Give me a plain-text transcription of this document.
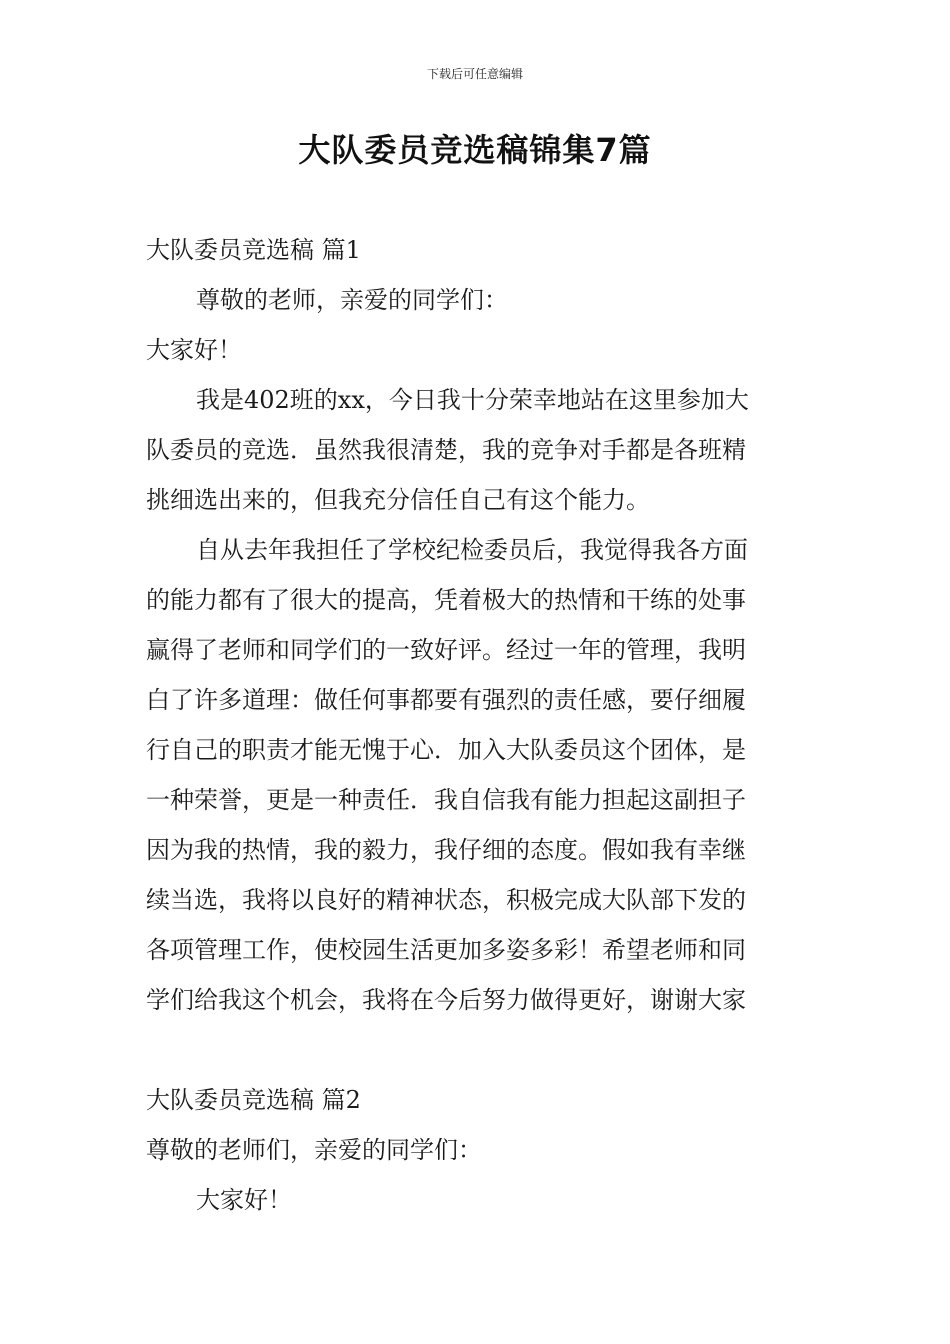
下载后可任意编辑
大队委员竞选稿锦集7篇
大队委员竞选稿 篇1
尊敬的老师，亲爱的同学们：
大家好！
我是402班的xx，今日我十分荣幸地站在这里参加大
队委员的竞选．虽然我很清楚，我的竞争对手都是各班精
挑细选出来的，但我充分信任自己有这个能力。
自从去年我担任了学校纪检委员后，我觉得我各方面
的能力都有了很大的提高，凭着极大的热情和干练的处事
赢得了老师和同学们的一致好评。经过一年的管理，我明
白了许多道理：做任何事都要有强烈的责任感，要仔细履
行自己的职责才能无愧于心．加入大队委员这个团体，是
一种荣誉，更是一种责任．我自信我有能力担起这副担子
因为我的热情，我的毅力，我仔细的态度。假如我有幸继
续当选，我将以良好的精神状态，积极完成大队部下发的
各项管理工作，使校园生活更加多姿多彩！希望老师和同
学们给我这个机会，我将在今后努力做得更好，谢谢大家
大队委员竞选稿 篇2
尊敬的老师们，亲爱的同学们：
大家好！
